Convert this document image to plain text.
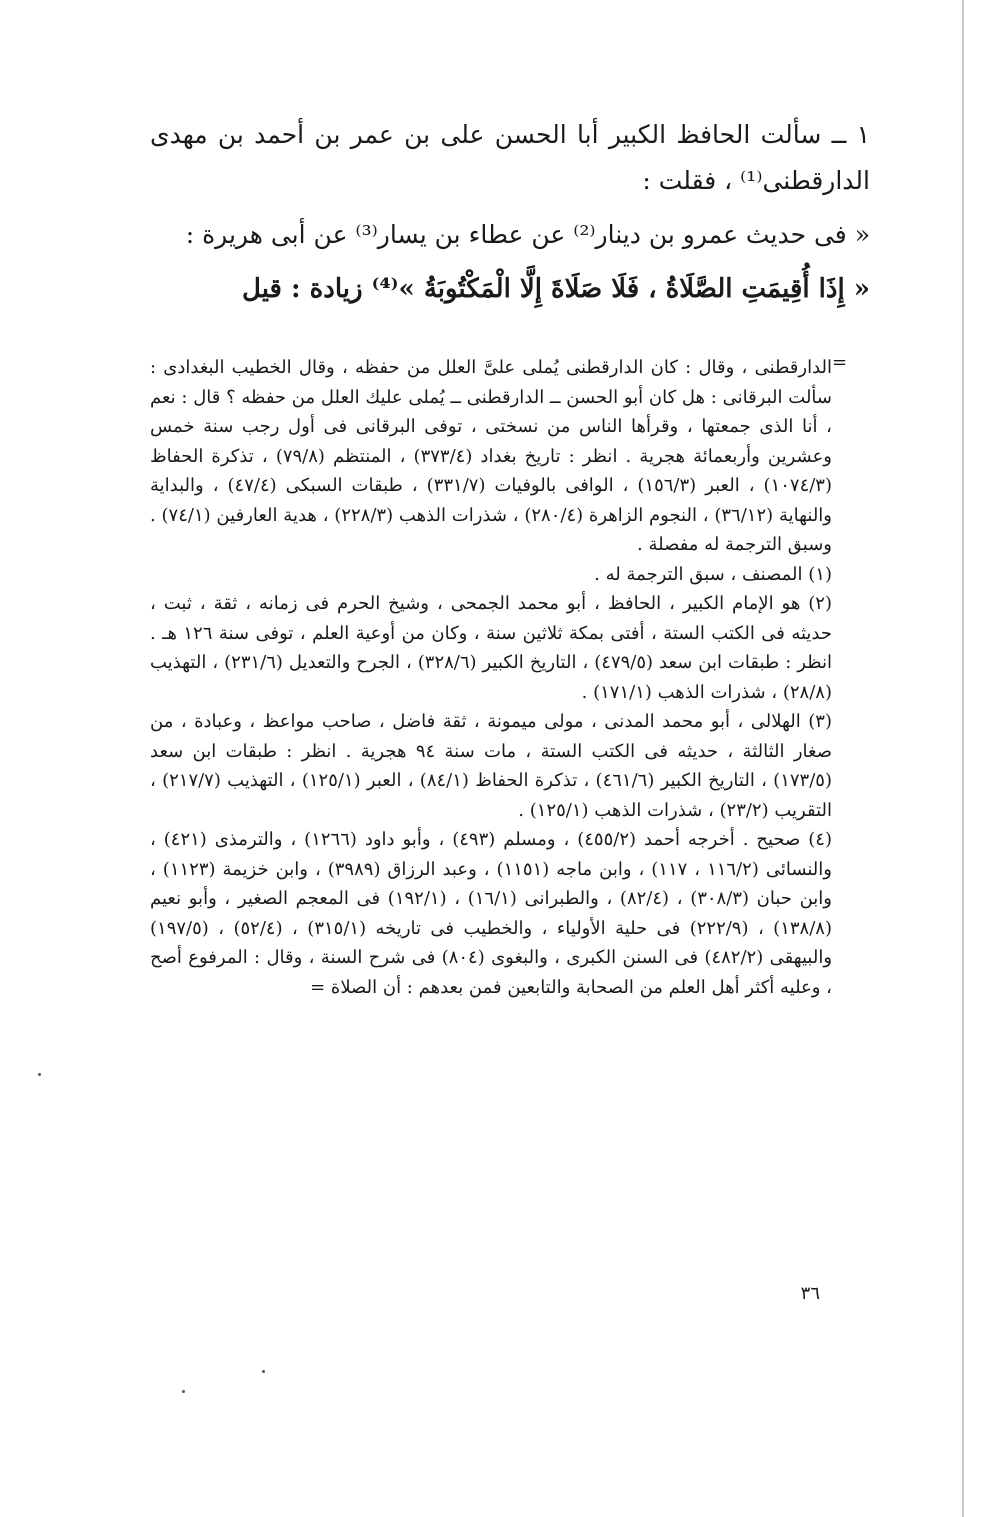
١ ــ سألت الحافظ الكبير أبا الحسن على بن عمر بن أحمد بن مهدى الدارقطنى⁽¹⁾ ، فقلت :

« فى حديث عمرو بن دينار⁽²⁾ عن عطاء بن يسار⁽³⁾ عن أبى هريرة :

« إِذَا أُقِيمَتِ الصَّلَاةُ ، فَلَا صَلَاةَ إِلَّا الْمَكْتُوبَةُ »⁽⁴⁾ زيادة : قيل

=

الدارقطنى ، وقال : كان الدارقطنى يُملى علىَّ العلل من حفظه ، وقال الخطيب البغدادى : سألت البرقانى : هل كان أبو الحسن ــ الدارقطنى ــ يُملى عليك العلل من حفظه ؟ قال : نعم ، أنا الذى جمعتها ، وقرأها الناس من نسختى ، توفى البرقانى فى أول رجب سنة خمس وعشرين وأربعمائة هجرية . انظر : تاريخ بغداد (٣٧٣/٤) ، المنتظم (٧٩/٨) ، تذكرة الحفاظ (١٠٧٤/٣) ، العبر (١٥٦/٣) ، الوافى بالوفيات (٣٣١/٧) ، طبقات السبكى (٤٧/٤) ، والبداية والنهاية (٣٦/١٢) ، النجوم الزاهرة (٢٨٠/٤) ، شذرات الذهب (٢٢٨/٣) ، هدية العارفين (٧٤/١) . وسبق الترجمة له مفصلة .

(١) المصنف ، سبق الترجمة له .

(٢) هو الإمام الكبير ، الحافظ ، أبو محمد الجمحى ، وشيخ الحرم فى زمانه ، ثقة ، ثبت ، حديثه فى الكتب الستة ، أفتى بمكة ثلاثين سنة ، وكان من أوعية العلم ، توفى سنة ١٢٦ هـ . انظر : طبقات ابن سعد (٤٧٩/٥) ، التاريخ الكبير (٣٢٨/٦) ، الجرح والتعديل (٢٣١/٦) ، التهذيب (٢٨/٨) ، شذرات الذهب (١٧١/١) .

(٣) الهلالى ، أبو محمد المدنى ، مولى ميمونة ، ثقة فاضل ، صاحب مواعظ ، وعبادة ، من صغار الثالثة ، حديثه فى الكتب الستة ، مات سنة ٩٤ هجرية . انظر : طبقات ابن سعد (١٧٣/٥) ، التاريخ الكبير (٤٦١/٦) ، تذكرة الحفاظ (٨٤/١) ، العبر (١٢٥/١) ، التهذيب (٢١٧/٧) ، التقريب (٢٣/٢) ، شذرات الذهب (١٢٥/١) .

(٤) صحيح . أخرجه أحمد (٤٥٥/٢) ، ومسلم (٤٩٣) ، وأبو داود (١٢٦٦) ، والترمذى (٤٢١) ، والنسائى (١١٦/٢ ، ١١٧) ، وابن ماجه (١١٥١) ، وعبد الرزاق (٣٩٨٩) ، وابن خزيمة (١١٢٣) ، وابن حبان (٣٠٨/٣) ، (٨٢/٤) ، والطبرانى (١٦/١) ، (١٩٢/١) فى المعجم الصغير ، وأبو نعيم (١٣٨/٨) ، (٢٢٢/٩) فى حلية الأولياء ، والخطيب فى تاريخه (٣١٥/١) ، (٥٢/٤) ، (١٩٧/٥) والبيهقى (٤٨٢/٢) فى السنن الكبرى ، والبغوى (٨٠٤) فى شرح السنة ، وقال : المرفوع أصح ، وعليه أكثر أهل العلم من الصحابة والتابعين فمن بعدهم : أن الصلاة =

٣٦
